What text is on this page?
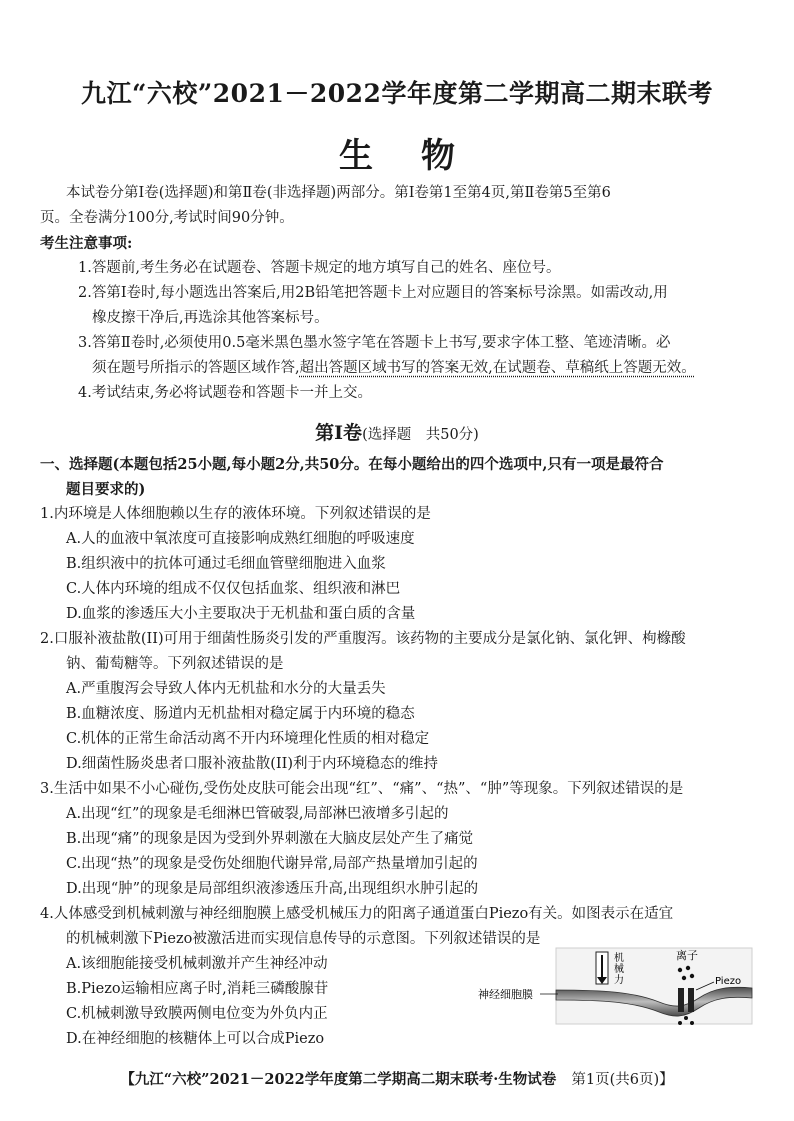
九江“六校”2021－2022学年度第二学期高二期末联考
生 物
本试卷分第Ⅰ卷(选择题)和第Ⅱ卷(非选择题)两部分。第Ⅰ卷第1至第4页,第Ⅱ卷第5至第6
页。全卷满分100分,考试时间90分钟。
考生注意事项:
1.答题前,考生务必在试题卷、答题卡规定的地方填写自己的姓名、座位号。
2.答第Ⅰ卷时,每小题选出答案后,用2B铅笔把答题卡上对应题目的答案标号涂黑。如需改动,用
橡皮擦干净后,再选涂其他答案标号。
3.答第Ⅱ卷时,必须使用0.5毫米黑色墨水签字笔在答题卡上书写,要求字体工整、笔迹清晰。必
须在题号所指示的答题区域作答,超出答题区域书写的答案无效,在试题卷、草稿纸上答题无效。
4.考试结束,务必将试题卷和答题卡一并上交。
第Ⅰ卷(选择题　共50分)
一、选择题(本题包括25小题,每小题2分,共50分。在每小题给出的四个选项中,只有一项是最符合
题目要求的)
1.内环境是人体细胞赖以生存的液体环境。下列叙述错误的是
A.人的血液中氧浓度可直接影响成熟红细胞的呼吸速度
B.组织液中的抗体可通过毛细血管壁细胞进入血浆
C.人体内环境的组成不仅仅包括血浆、组织液和淋巴
D.血浆的渗透压大小主要取决于无机盐和蛋白质的含量
2.口服补液盐散(II)可用于细菌性肠炎引发的严重腹泻。该药物的主要成分是氯化钠、氯化钾、枸橼酸
钠、葡萄糖等。下列叙述错误的是
A.严重腹泻会导致人体内无机盐和水分的大量丢失
B.血糖浓度、肠道内无机盐相对稳定属于内环境的稳态
C.机体的正常生命活动离不开内环境理化性质的相对稳定
D.细菌性肠炎患者口服补液盐散(II)利于内环境稳态的维持
3.生活中如果不小心碰伤,受伤处皮肤可能会出现“红”、“痛”、“热”、“肿”等现象。下列叙述错误的是
A.出现“红”的现象是毛细淋巴管破裂,局部淋巴液增多引起的
B.出现“痛”的现象是因为受到外界刺激在大脑皮层处产生了痛觉
C.出现“热”的现象是受伤处细胞代谢异常,局部产热量增加引起的
D.出现“肿”的现象是局部组织液渗透压升高,出现组织水肿引起的
4.人体感受到机械刺激与神经细胞膜上感受机械压力的阳离子通道蛋白Piezo有关。如图表示在适宜
的机械刺激下Piezo被激活进而实现信息传导的示意图。下列叙述错误的是
A.该细胞能接受机械刺激并产生神经冲动
B.Piezo运输相应离子时,消耗三磷酸腺苷
C.机械刺激导致膜两侧电位变为外负内正
D.在神经细胞的核糖体上可以合成Piezo
机
械
力
离子
Piezo
神经细胞膜
【九江“六校”2021－2022学年度第二学期高二期末联考·生物试卷 第1页(共6页)】
